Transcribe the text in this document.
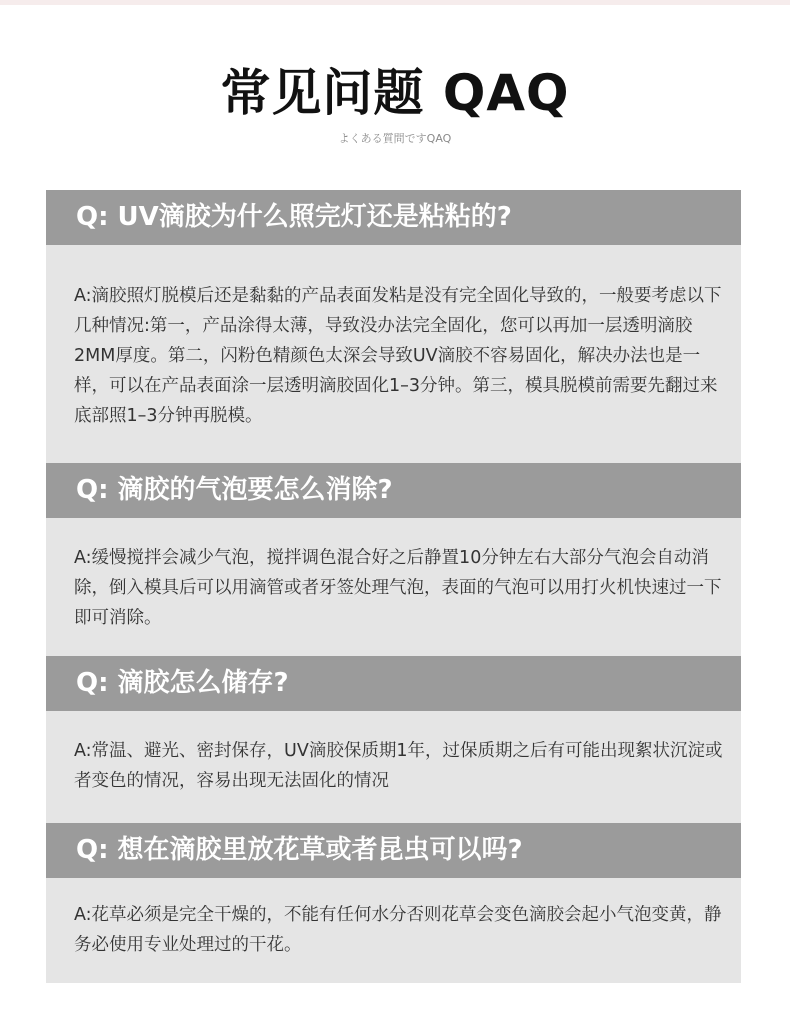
常见问题 QAQ
よくある質問ですQAQ
Q: UV滴胶为什么照完灯还是粘粘的?
A:滴胶照灯脱模后还是黏黏的产品表面发粘是没有完全固化导致的，一般要考虑以下几种情况:第一，产品涂得太薄，导致没办法完全固化，您可以再加一层透明滴胶2MM厚度。第二，闪粉色精颜色太深会导致UV滴胶不容易固化，解决办法也是一样，可以在产品表面涂一层透明滴胶固化1–3分钟。第三，模具脱模前需要先翻过来底部照1–3分钟再脱模。
Q: 滴胶的气泡要怎么消除?
A:缓慢搅拌会减少气泡，搅拌调色混合好之后静置10分钟左右大部分气泡会自动消除，倒入模具后可以用滴管或者牙签处理气泡，表面的气泡可以用打火机快速过一下即可消除。
Q: 滴胶怎么储存?
A:常温、避光、密封保存，UV滴胶保质期1年，过保质期之后有可能出现絮状沉淀或者变色的情况，容易出现无法固化的情况
Q: 想在滴胶里放花草或者昆虫可以吗?
A:花草必须是完全干燥的，不能有任何水分否则花草会变色滴胶会起小气泡变黄，静务必使用专业处理过的干花。
